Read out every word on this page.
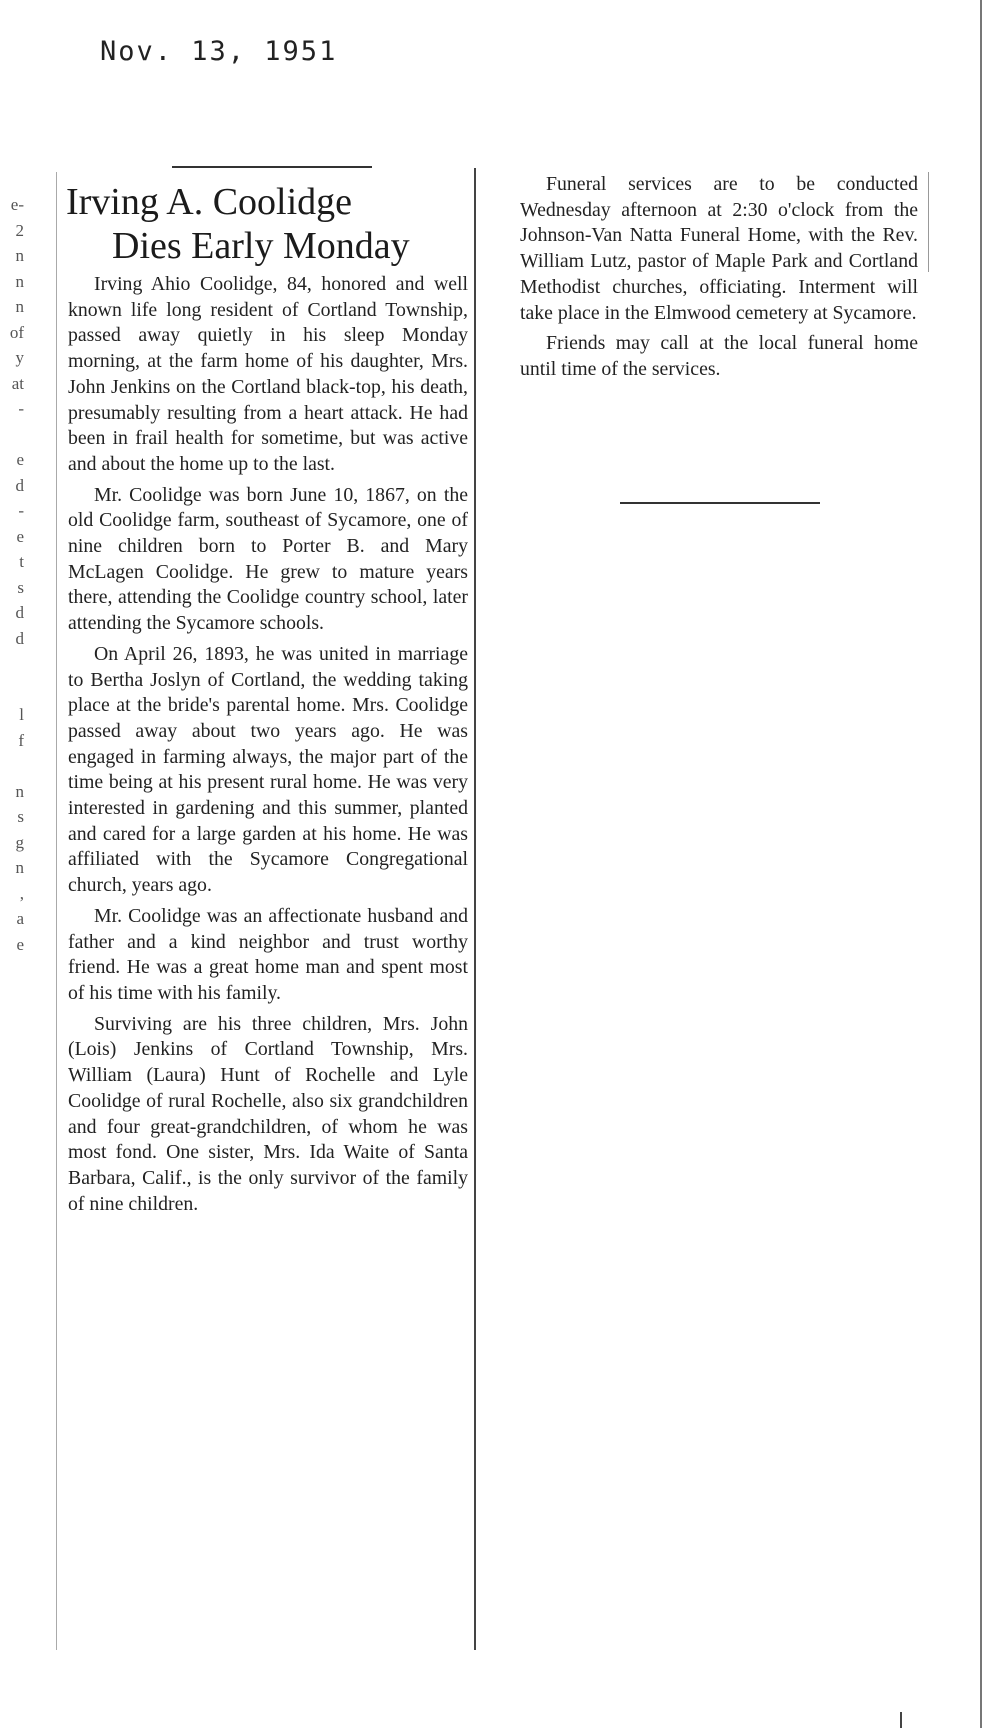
Nov. 13, 1951
e-
2
n
n
n
of
y
at
-
e
d
-
e
t
s
d
d
l
f
n
s
g
n
,
a
e
Irving A. Coolidge
Dies Early Monday

Irving Ahio Coolidge, 84, honored and well known life long resident of Cortland Township, passed away quietly in his sleep Monday morning, at the farm home of his daughter, Mrs. John Jenkins on the Cortland black-top, his death, presumably resulting from a heart attack. He had been in frail health for sometime, but was active and about the home up to the last.

Mr. Coolidge was born June 10, 1867, on the old Coolidge farm, southeast of Sycamore, one of nine children born to Porter B. and Mary McLagen Coolidge. He grew to mature years there, attending the Coolidge country school, later attending the Sycamore schools.

On April 26, 1893, he was united in marriage to Bertha Joslyn of Cortland, the wedding taking place at the bride's parental home. Mrs. Coolidge passed away about two years ago. He was engaged in farming always, the major part of the time being at his present rural home. He was very interested in gardening and this summer, planted and cared for a large garden at his home. He was affiliated with the Sycamore Congregational church, years ago.

Mr. Coolidge was an affectionate husband and father and a kind neighbor and trust worthy friend. He was a great home man and spent most of his time with his family.

Surviving are his three children, Mrs. John (Lois) Jenkins of Cortland Township, Mrs. William (Laura) Hunt of Rochelle and Lyle Coolidge of rural Rochelle, also six grandchildren and four great-grandchildren, of whom he was most fond. One sister, Mrs. Ida Waite of Santa Barbara, Calif., is the only survivor of the family of nine children.

Funeral services are to be conducted Wednesday afternoon at 2:30 o'clock from the Johnson-Van Natta Funeral Home, with the Rev. William Lutz, pastor of Maple Park and Cortland Methodist churches, officiating. Interment will take place in the Elmwood cemetery at Sycamore.

Friends may call at the local funeral home until time of the services.
